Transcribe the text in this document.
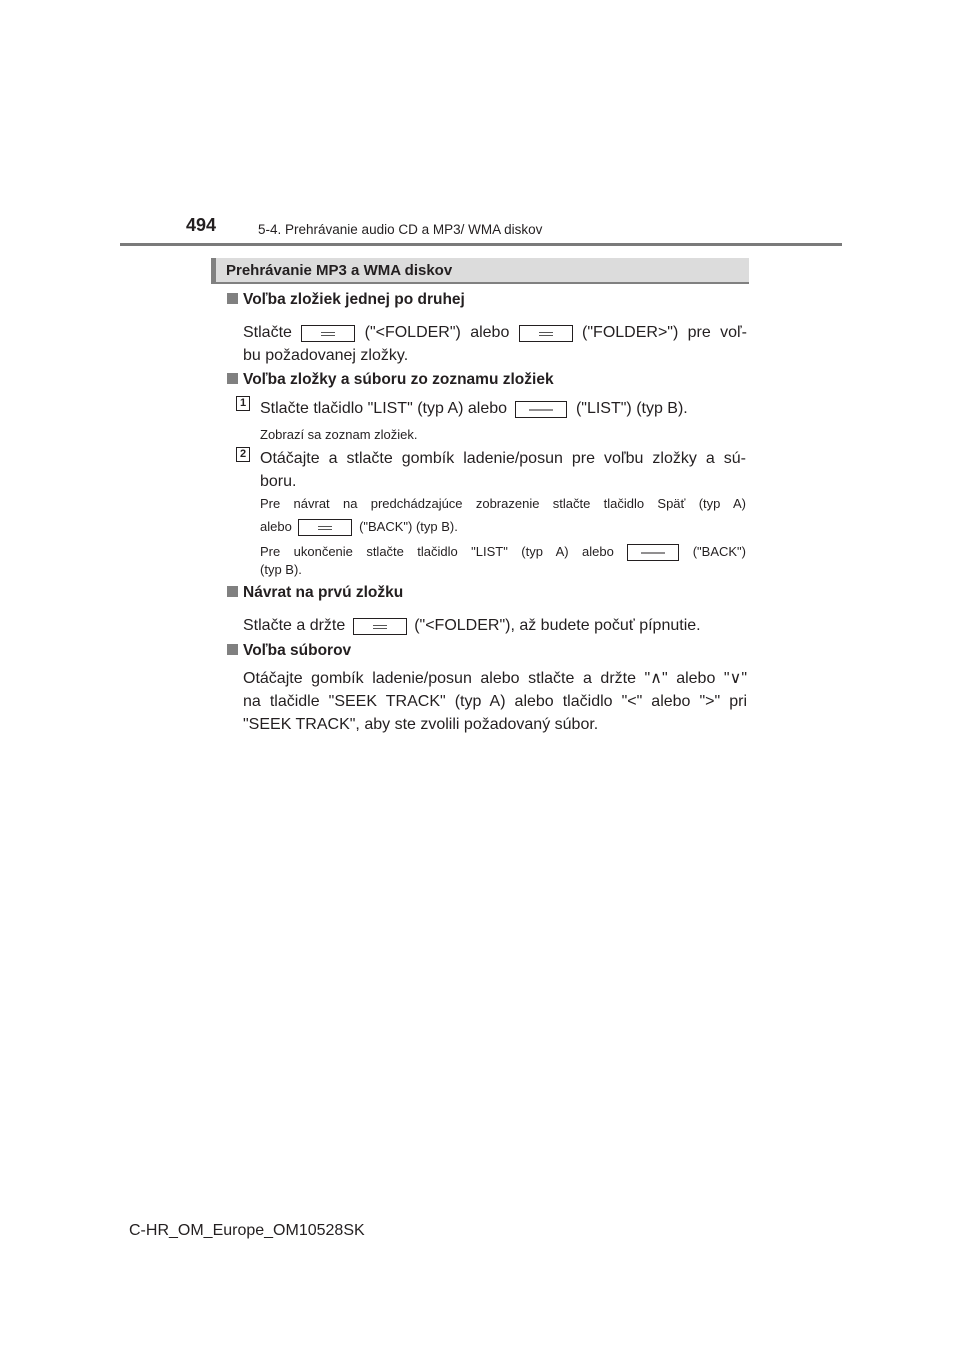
494	5-4. Prehrávanie audio CD a MP3/ WMA diskov
Prehrávanie MP3 a WMA diskov
Voľba zložiek jednej po druhej
Stlačte	("<FOLDER") alebo	("FOLDER>") pre voľ-
bu požadovanej zložky.
Voľba zložky a súboru zo zoznamu zložiek
1 Stlačte tlačidlo "LIST" (typ A) alebo	("LIST") (typ B).
Zobrazí sa zoznam zložiek.
2 Otáčajte a stlačte gombík ladenie/posun pre voľbu zložky a sú-
boru.
Pre návrat na predchádzajúce zobrazenie stlačte tlačidlo Späť (typ A)
alebo	("BACK") (typ B).
Pre ukončenie stlačte tlačidlo "LIST" (typ A) alebo	("BACK")
(typ B).
Návrat na prvú zložku
Stlačte a držte	("<FOLDER"), až budete počuť pípnutie.
Voľba súborov
Otáčajte gombík ladenie/posun alebo stlačte a držte "∧" alebo "∨"
na tlačidle "SEEK TRACK" (typ A) alebo tlačidlo "<" alebo ">" pri
"SEEK TRACK", aby ste zvolili požadovaný súbor.
C-HR_OM_Europe_OM10528SK
